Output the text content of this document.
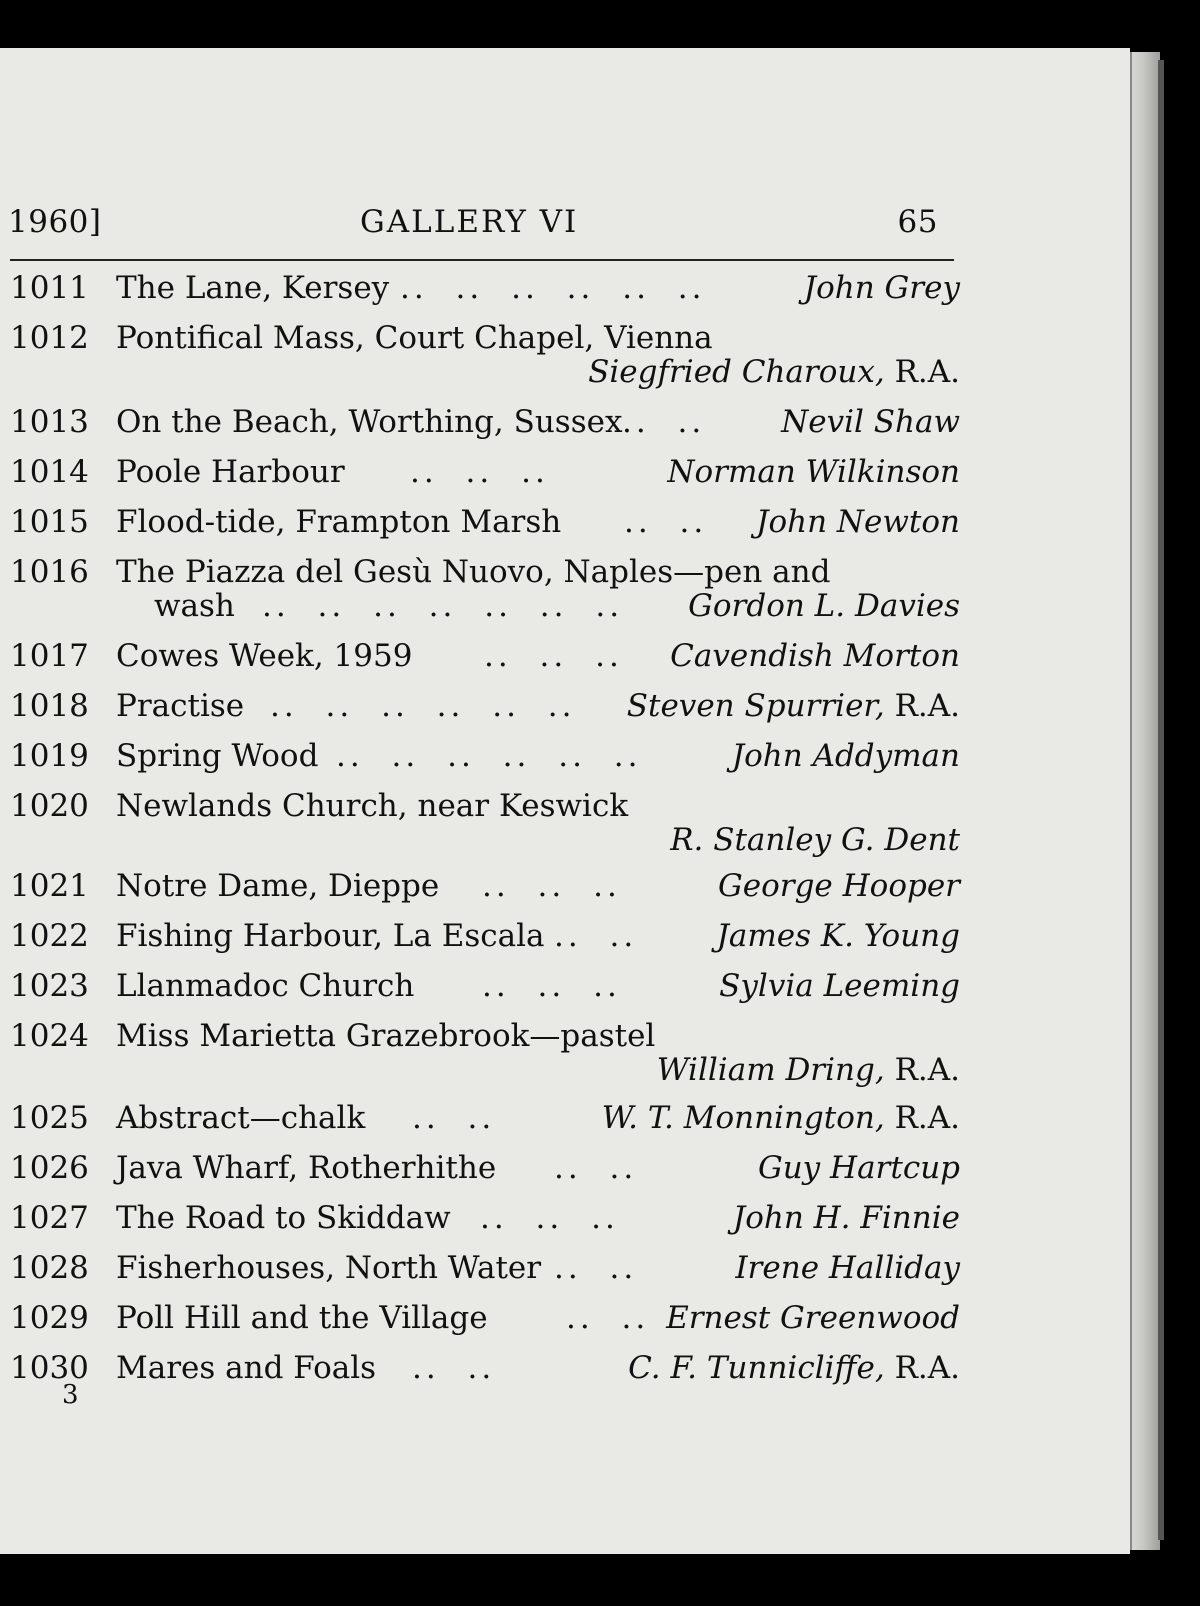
1960]	GALLERY VI	65
1011 The Lane, Kersey .. .. .. .. .. ..	John Grey
1012 Pontifical Mass, Court Chapel, Vienna
Siegfried Charoux, R.A.
1013 On the Beach, Worthing, Sussex .. .. Nevil Shaw
1014 Poole Harbour .. .. ..	Norman Wilkinson
1015 Flood-tide, Frampton Marsh .. .. John Newton
1016 The Piazza del Gesù Nuovo, Naples—pen and
wash .. .. .. .. .. .. .. Gordon L. Davies
1017 Cowes Week, 1959 .. .. .. Cavendish Morton
1018 Practise .. .. .. .. .. .. Steven Spurrier, R.A.
1019 Spring Wood .. .. .. .. .. ..	John Addyman
1020 Newlands Church, near Keswick
R. Stanley G. Dent
1021 Notre Dame, Dieppe .. .. ..	George Hooper
1022 Fishing Harbour, La Escala .. ..	James K. Young
1023 Llanmadoc Church .. .. ..	Sylvia Leeming
1024 Miss Marietta Grazebrook—pastel
William Dring, R.A.
1025 Abstract—chalk .. ..	W. T. Monnington, R.A.
1026 Java Wharf, Rotherhithe .. ..	Guy Hartcup
1027 The Road to Skiddaw .. .. ..	John H. Finnie
1028 Fisherhouses, North Water .. ..	Irene Halliday
1029 Poll Hill and the Village	.. .. Ernest Greenwood
1030 Mares and Foals .. ..	C. F. Tunnicliffe, R.A.
3
